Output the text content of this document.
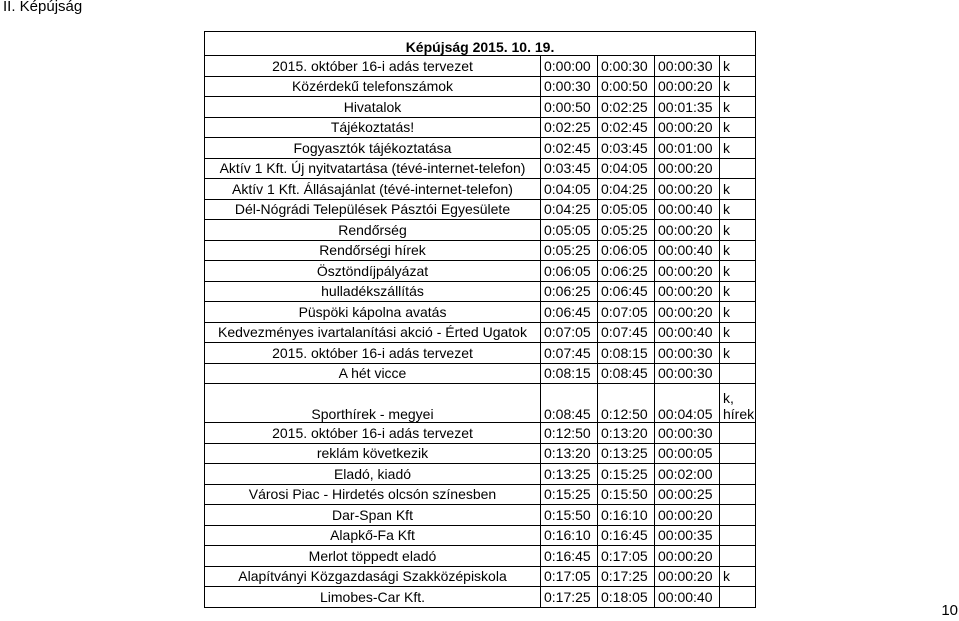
II. Képújság
Képújság 2015. 10. 19.				
2015. október 16-i adás tervezet	0:00:00	0:00:30	00:00:30	k
Közérdekű telefonszámok	0:00:30	0:00:50	00:00:20	k
Hivatalok	0:00:50	0:02:25	00:01:35	k
Tájékoztatás!	0:02:25	0:02:45	00:00:20	k
Fogyasztók tájékoztatása	0:02:45	0:03:45	00:01:00	k
Aktív 1 Kft. Új nyitvatartása (tévé-internet-telefon)	0:03:45	0:04:05	00:00:20	
Aktív 1 Kft. Állásajánlat (tévé-internet-telefon)	0:04:05	0:04:25	00:00:20	k
Dél-Nógrádi Települések Pásztói Egyesülete	0:04:25	0:05:05	00:00:40	k
Rendőrség	0:05:05	0:05:25	00:00:20	k
Rendőrségi hírek	0:05:25	0:06:05	00:00:40	k
Ösztöndíjpályázat	0:06:05	0:06:25	00:00:20	k
hulladékszállítás	0:06:25	0:06:45	00:00:20	k
Püspöki kápolna avatás	0:06:45	0:07:05	00:00:20	k
Kedvezményes ivartalanítási akció - Érted Ugatok	0:07:05	0:07:45	00:00:40	k
2015. október 16-i adás tervezet	0:07:45	0:08:15	00:00:30	k
A hét vicce	0:08:15	0:08:45	00:00:30	
Sporthírek - megyei	0:08:45	0:12:50	00:04:05	k, hírek
2015. október 16-i adás tervezet	0:12:50	0:13:20	00:00:30	
reklám következik	0:13:20	0:13:25	00:00:05	
Eladó, kiadó	0:13:25	0:15:25	00:02:00	
Városi Piac - Hirdetés olcsón színesben	0:15:25	0:15:50	00:00:25	
Dar-Span Kft	0:15:50	0:16:10	00:00:20	
Alapkő-Fa Kft	0:16:10	0:16:45	00:00:35	
Merlot töppedt eladó	0:16:45	0:17:05	00:00:20	
Alapítványi Közgazdasági Szakközépiskola	0:17:05	0:17:25	00:00:20	k
Limobes-Car Kft.	0:17:25	0:18:05	00:00:40	
10
